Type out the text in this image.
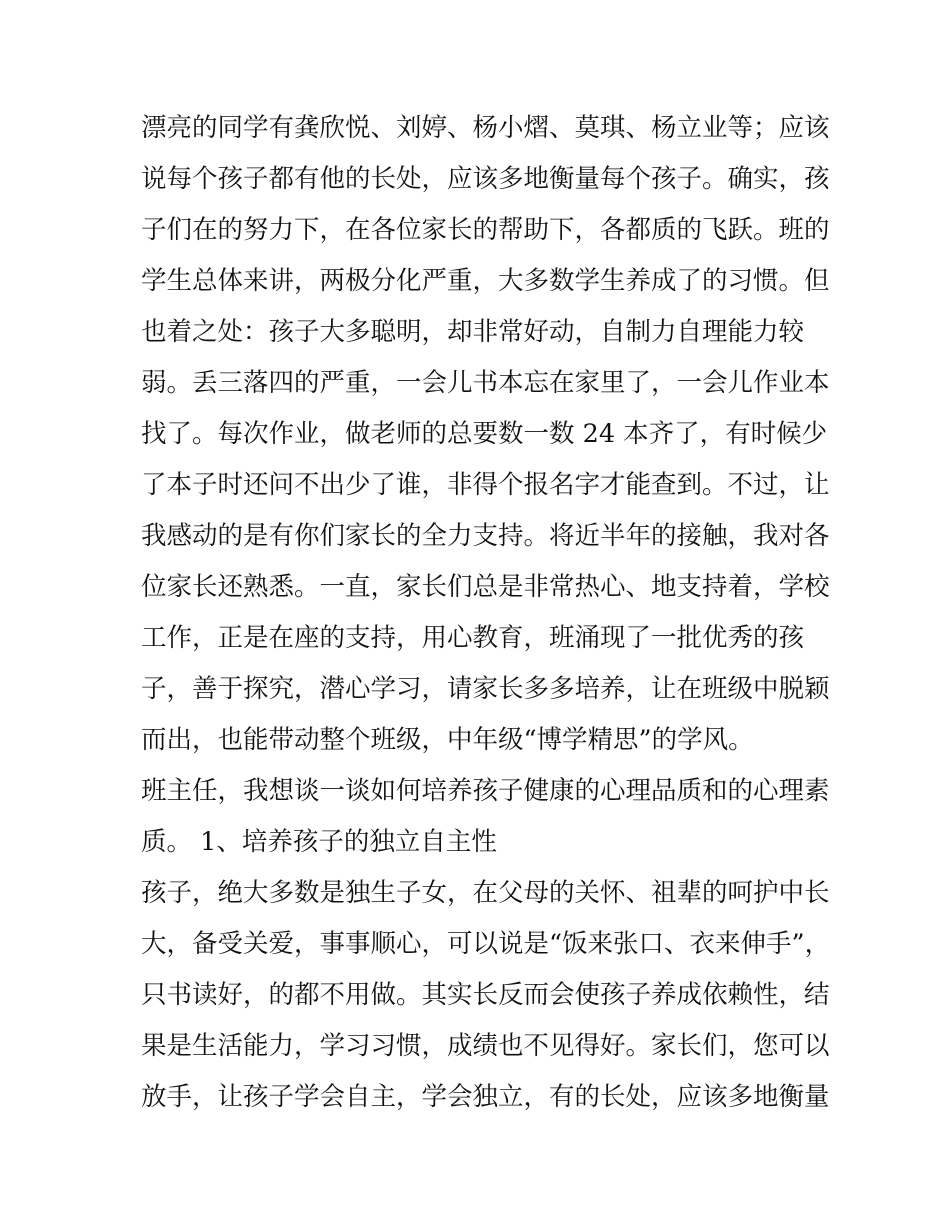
漂亮的同学有龚欣悦、刘婷、杨小熠、莫琪、杨立业等；应该
说每个孩子都有他的长处，应该多地衡量每个孩子。确实，孩
子们在的努力下，在各位家长的帮助下，各都质的飞跃。班的
学生总体来讲，两极分化严重，大多数学生养成了的习惯。但
也着之处：孩子大多聪明，却非常好动，自制力自理能力较
弱。丢三落四的严重，一会儿书本忘在家里了，一会儿作业本
找了。每次作业，做老师的总要数一数 24 本齐了，有时候少
了本子时还问不出少了谁，非得个报名字才能查到。不过，让
我感动的是有你们家长的全力支持。将近半年的接触，我对各
位家长还熟悉。一直，家长们总是非常热心、地支持着，学校
工作，正是在座的支持，用心教育，班涌现了一批优秀的孩
子，善于探究，潜心学习，请家长多多培养，让在班级中脱颖
而出，也能带动整个班级，中年级“博学精思”的学风。
班主任，我想谈一谈如何培养孩子健康的心理品质和的心理素
质。 1、培养孩子的独立自主性
孩子，绝大多数是独生子女，在父母的关怀、祖辈的呵护中长
大，备受关爱，事事顺心，可以说是“饭来张口、衣来伸手”，
只书读好，的都不用做。其实长反而会使孩子养成依赖性，结
果是生活能力，学习习惯，成绩也不见得好。家长们，您可以
放手，让孩子学会自主，学会独立，有的长处，应该多地衡量
